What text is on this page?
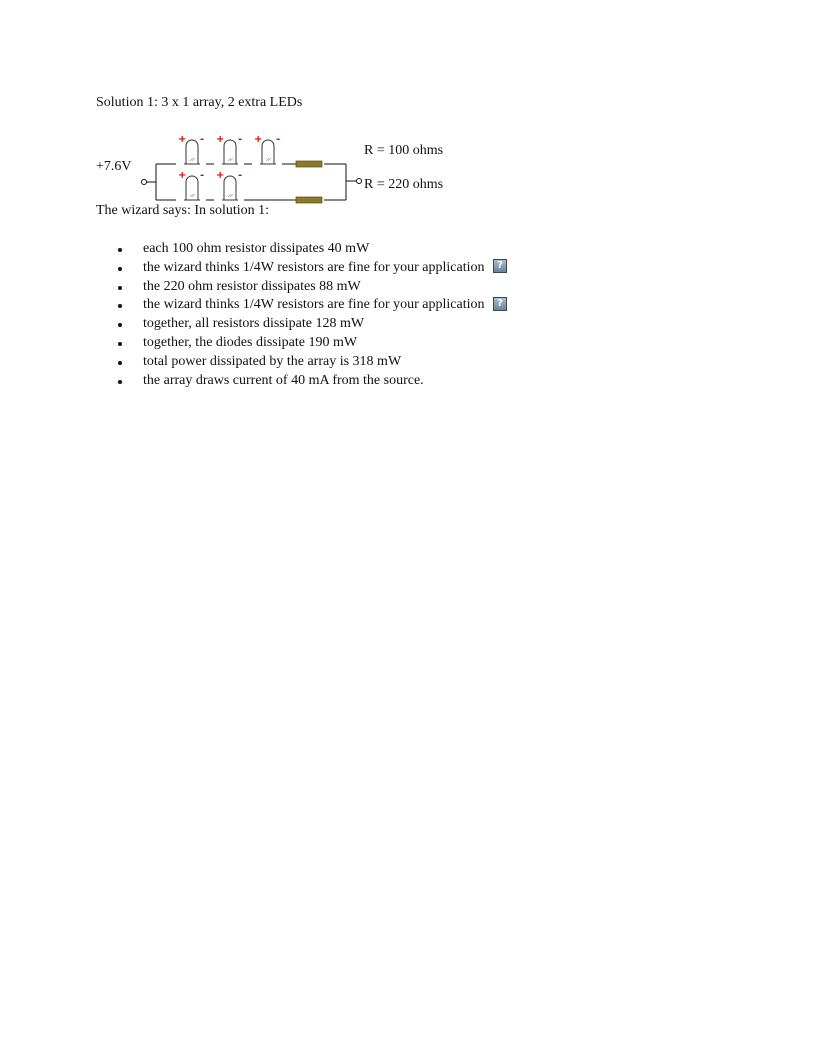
Solution 1: 3 x 1 array, 2 extra LEDs
+ - + - + -
+ - + -
+7.6V
R = 100 ohms
R = 220 ohms
The wizard says: In solution 1:
each 100 ohm resistor dissipates 40 mW
the wizard thinks 1/4W resistors are fine for your application ?
the 220 ohm resistor dissipates 88 mW
the wizard thinks 1/4W resistors are fine for your application ?
together, all resistors dissipate 128 mW
together, the diodes dissipate 190 mW
total power dissipated by the array is 318 mW
the array draws current of 40 mA from the source.
